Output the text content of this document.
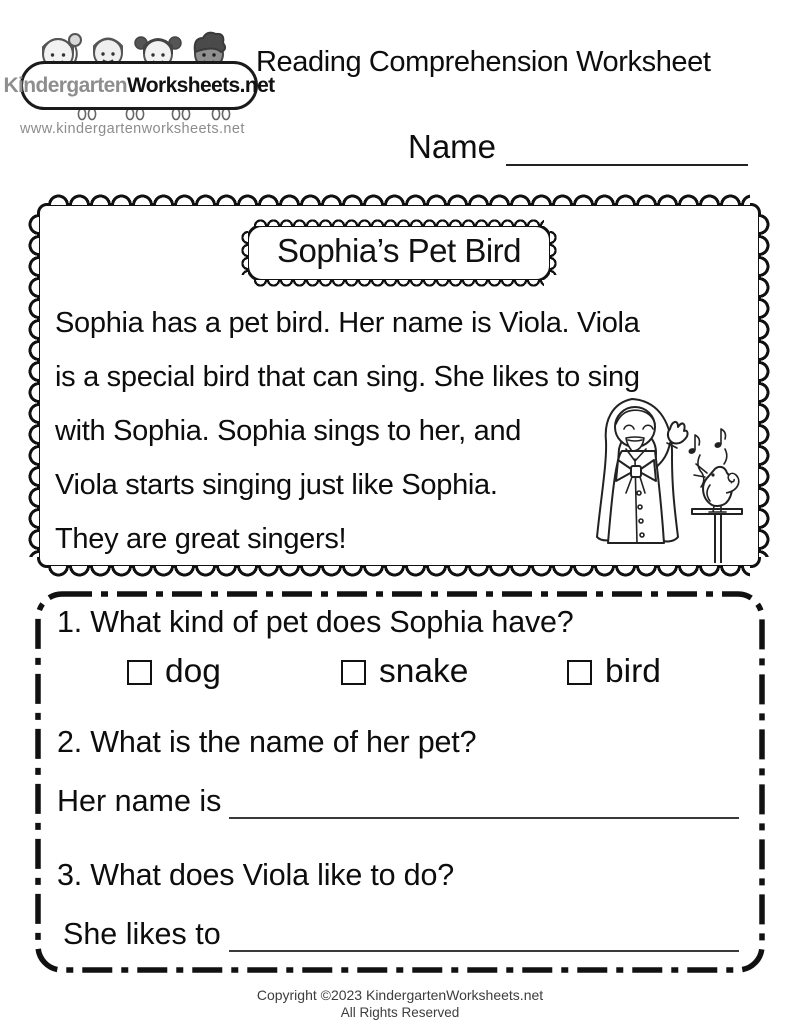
Kindergarten Worksheets.net
www.kindergartenworksheets.net
Reading Comprehension Worksheet
Name
Sophia’s Pet Bird
Sophia has a pet bird. Her name is Viola. Viola
is a special bird that can sing. She likes to sing
with Sophia. Sophia sings to her, and
Viola starts singing just like Sophia.
They are great singers!
1. What kind of pet does Sophia have?
dog	snake	bird
2. What is the name of her pet?
Her name is
3. What does Viola like to do?
She likes to
Copyright ©2023 KindergartenWorksheets.net
All Rights Reserved
